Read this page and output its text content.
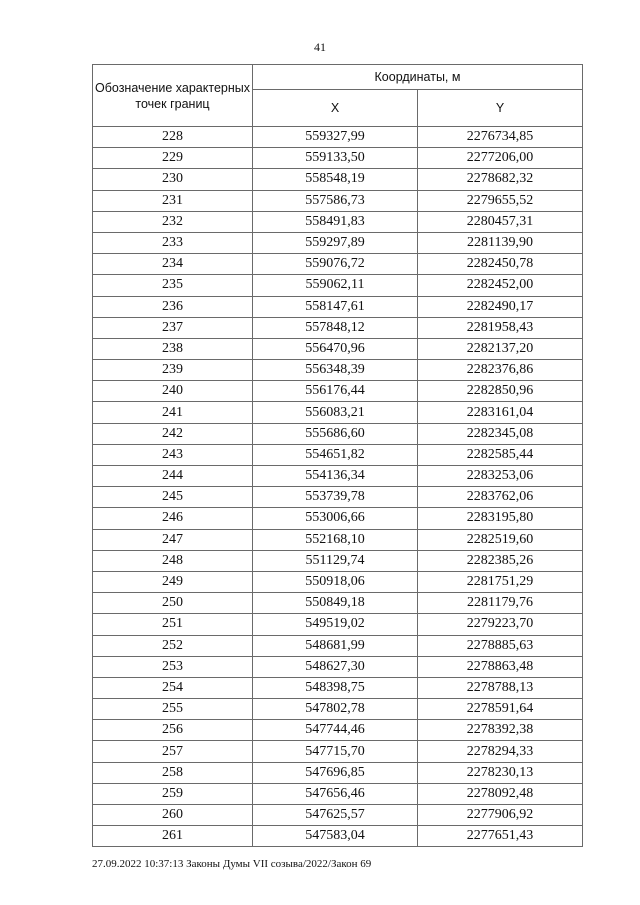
41
Обозначение характерных точек границ	Координаты, м	
	X	Y
228	559327,99	2276734,85
229	559133,50	2277206,00
230	558548,19	2278682,32
231	557586,73	2279655,52
232	558491,83	2280457,31
233	559297,89	2281139,90
234	559076,72	2282450,78
235	559062,11	2282452,00
236	558147,61	2282490,17
237	557848,12	2281958,43
238	556470,96	2282137,20
239	556348,39	2282376,86
240	556176,44	2282850,96
241	556083,21	2283161,04
242	555686,60	2282345,08
243	554651,82	2282585,44
244	554136,34	2283253,06
245	553739,78	2283762,06
246	553006,66	2283195,80
247	552168,10	2282519,60
248	551129,74	2282385,26
249	550918,06	2281751,29
250	550849,18	2281179,76
251	549519,02	2279223,70
252	548681,99	2278885,63
253	548627,30	2278863,48
254	548398,75	2278788,13
255	547802,78	2278591,64
256	547744,46	2278392,38
257	547715,70	2278294,33
258	547696,85	2278230,13
259	547656,46	2278092,48
260	547625,57	2277906,92
261	547583,04	2277651,43
27.09.2022 10:37:13 Законы Думы VII созыва/2022/Закон 69
